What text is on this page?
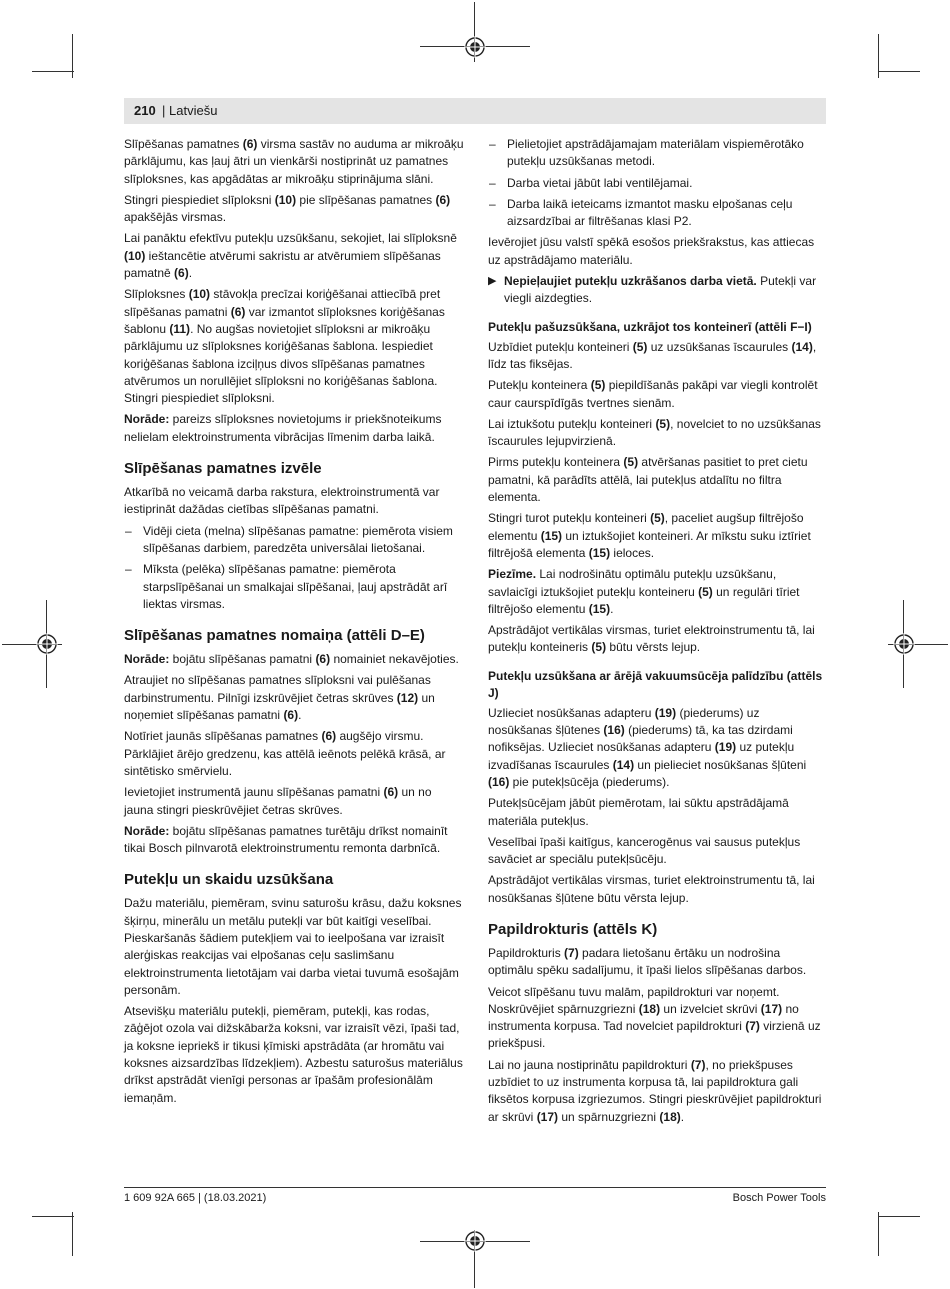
210 | Latviešu

Slīpēšanas pamatnes (6) virsma sastāv no auduma ar mikroāķu pārklājumu, kas ļauj ātri un vienkārši nostiprināt uz pamatnes slīploksnes, kas apgādātas ar mikroāķu stiprinājuma slāni.

Stingri piespiediet slīploksni (10) pie slīpēšanas pamatnes (6) apakšējās virsmas.

Lai panāktu efektīvu putekļu uzsūkšanu, sekojiet, lai slīploksnē (10) ieštancētie atvērumi sakristu ar atvērumiem slīpēšanas pamatnē (6).

Slīploksnes (10) stāvokļa precīzai koriģēšanai attiecībā pret slīpēšanas pamatni (6) var izmantot slīploksnes koriģēšanas šablonu (11). No augšas novietojiet slīploksni ar mikroāķu pārklājumu uz slīploksnes koriģēšanas šablona. Iespiediet koriģēšanas šablona izciļņus divos slīpēšanas pamatnes atvērumos un norullējiet slīploksni no koriģēšanas šablona. Stingri piespiediet slīploksni.

Norāde: pareizs slīploksnes novietojums ir priekšnoteikums nelielam elektroinstrumenta vibrācijas līmenim darba laikā.

Slīpēšanas pamatnes izvēle

Atkarībā no veicamā darba rakstura, elektroinstrumentā var iestiprināt dažādas cietības slīpēšanas pamatni.

– Vidēji cieta (melna) slīpēšanas pamatne: piemērota visiem slīpēšanas darbiem, paredzēta universālai lietošanai.
– Mīksta (pelēka) slīpēšanas pamatne: piemērota starpslīpēšanai un smalkajai slīpēšanai, ļauj apstrādāt arī liektas virsmas.
Slīpēšanas pamatnes nomaiņa (attēli D–E)

Norāde: bojātu slīpēšanas pamatni (6) nomainiet nekavējoties.

Atraujiet no slīpēšanas pamatnes slīploksni vai pulēšanas darbinstrumentu. Pilnīgi izskrūvējiet četras skrūves (12) un noņemiet slīpēšanas pamatni (6).

Notīriet jaunās slīpēšanas pamatnes (6) augšējo virsmu. Pārklājiet ārējo gredzenu, kas attēlā ieēnots pelēkā krāsā, ar sintētisko smērvielu.

Ievietojiet instrumentā jaunu slīpēšanas pamatni (6) un no jauna stingri pieskrūvējiet četras skrūves.

Norāde: bojātu slīpēšanas pamatnes turētāju drīkst nomainīt tikai Bosch pilnvarotā elektroinstrumentu remonta darbnīcā.

Putekļu un skaidu uzsūkšana

Dažu materiālu, piemēram, svinu saturošu krāsu, dažu koksnes šķirņu, minerālu un metālu putekļi var būt kaitīgi veselībai. Pieskaršanās šādiem putekļiem vai to ieelpošana var izraisīt alerģiskas reakcijas vai elpošanas ceļu saslimšanu elektroinstrumenta lietotājam vai darba vietai tuvumā esošajām personām.

Atsevišķu materiālu putekļi, piemēram, putekļi, kas rodas, zāģējot ozola vai dižskābarža koksni, var izraisīt vēzi, īpaši tad, ja koksne iepriekš ir tikusi ķīmiski apstrādāta (ar hromātu vai koksnes aizsardzības līdzekļiem). Azbestu saturošus materiālus drīkst apstrādāt vienīgi personas ar īpašām profesionālām iemaņām.

– Pielietojiet apstrādājamajam materiālam vispiemērotāko putekļu uzsūkšanas metodi.
– Darba vietai jābūt labi ventilējamai.
– Darba laikā ieteicams izmantot masku elpošanas ceļu aizsardzībai ar filtrēšanas klasi P2.

Ievērojiet jūsu valstī spēkā esošos priekšrakstus, kas attiecas uz apstrādājamo materiālu.

▶ Nepieļaujiet putekļu uzkrāšanos darba vietā. Putekļi var viegli aizdegties.
Putekļu pašuzsūkšana, uzkrājot tos konteinerī (attēli F−I)

Uzbīdiet putekļu konteineri (5) uz uzsūkšanas īscaurules (14), līdz tas fiksējas.

Putekļu konteinera (5) piepildīšanās pakāpi var viegli kontrolēt caur caurspīdīgās tvertnes sienām.

Lai iztukšotu putekļu konteineri (5), novelciet to no uzsūkšanas īscaurules lejupvirzienā.

Pirms putekļu konteinera (5) atvēršanas pasitiet to pret cietu pamatni, kā parādīts attēlā, lai putekļus atdalītu no filtra elementa.

Stingri turot putekļu konteineri (5), paceliet augšup filtrējošo elementu (15) un iztukšojiet konteineri. Ar mīkstu suku iztīriet filtrējošā elementa (15) ieloces.

Piezīme. Lai nodrošinātu optimālu putekļu uzsūkšanu, savlaicīgi iztukšojiet putekļu konteineru (5) un regulāri tīriet filtrējošo elementu (15).

Apstrādājot vertikālas virsmas, turiet elektroinstrumentu tā, lai putekļu konteineris (5) būtu vērsts lejup.

Putekļu uzsūkšana ar ārējā vakuumsūcēja palīdzību (attēls J)

Uzlieciet nosūkšanas adapteru (19) (piederums) uz nosūkšanas šļūtenes (16) (piederums) tā, ka tas dzirdami nofiksējas. Uzlieciet nosūkšanas adapteru (19) uz putekļu izvadīšanas īscaurules (14) un pielieciet nosūkšanas šļūteni (16) pie putekļsūcēja (piederums).

Putekļsūcējam jābūt piemērotam, lai sūktu apstrādājamā materiāla putekļus.

Veselībai īpaši kaitīgus, kancerogēnus vai sausus putekļus savāciet ar speciālu putekļsūcēju.

Apstrādājot vertikālas virsmas, turiet elektroinstrumentu tā, lai nosūkšanas šļūtene būtu vērsta lejup.

Papildrokturis (attēls K)

Papildrokturis (7) padara lietošanu ērtāku un nodrošina optimālu spēku sadalījumu, it īpaši lielos slīpēšanas darbos.

Veicot slīpēšanu tuvu malām, papildrokturi var noņemt. Noskrūvējiet spārnuzgriezni (18) un izvelciet skrūvi (17) no instrumenta korpusa. Tad novelciet papildrokturi (7) virzienā uz priekšpusi.

Lai no jauna nostiprinātu papildrokturi (7), no priekšpuses uzbīdiet to uz instrumenta korpusa tā, lai papildroktura gali fiksētos korpusa izgriezumos. Stingri pieskrūvējiet papildrokturi ar skrūvi (17) un spārnuzgriezni (18).

1 609 92A 665 | (18.03.2021)	Bosch Power Tools
